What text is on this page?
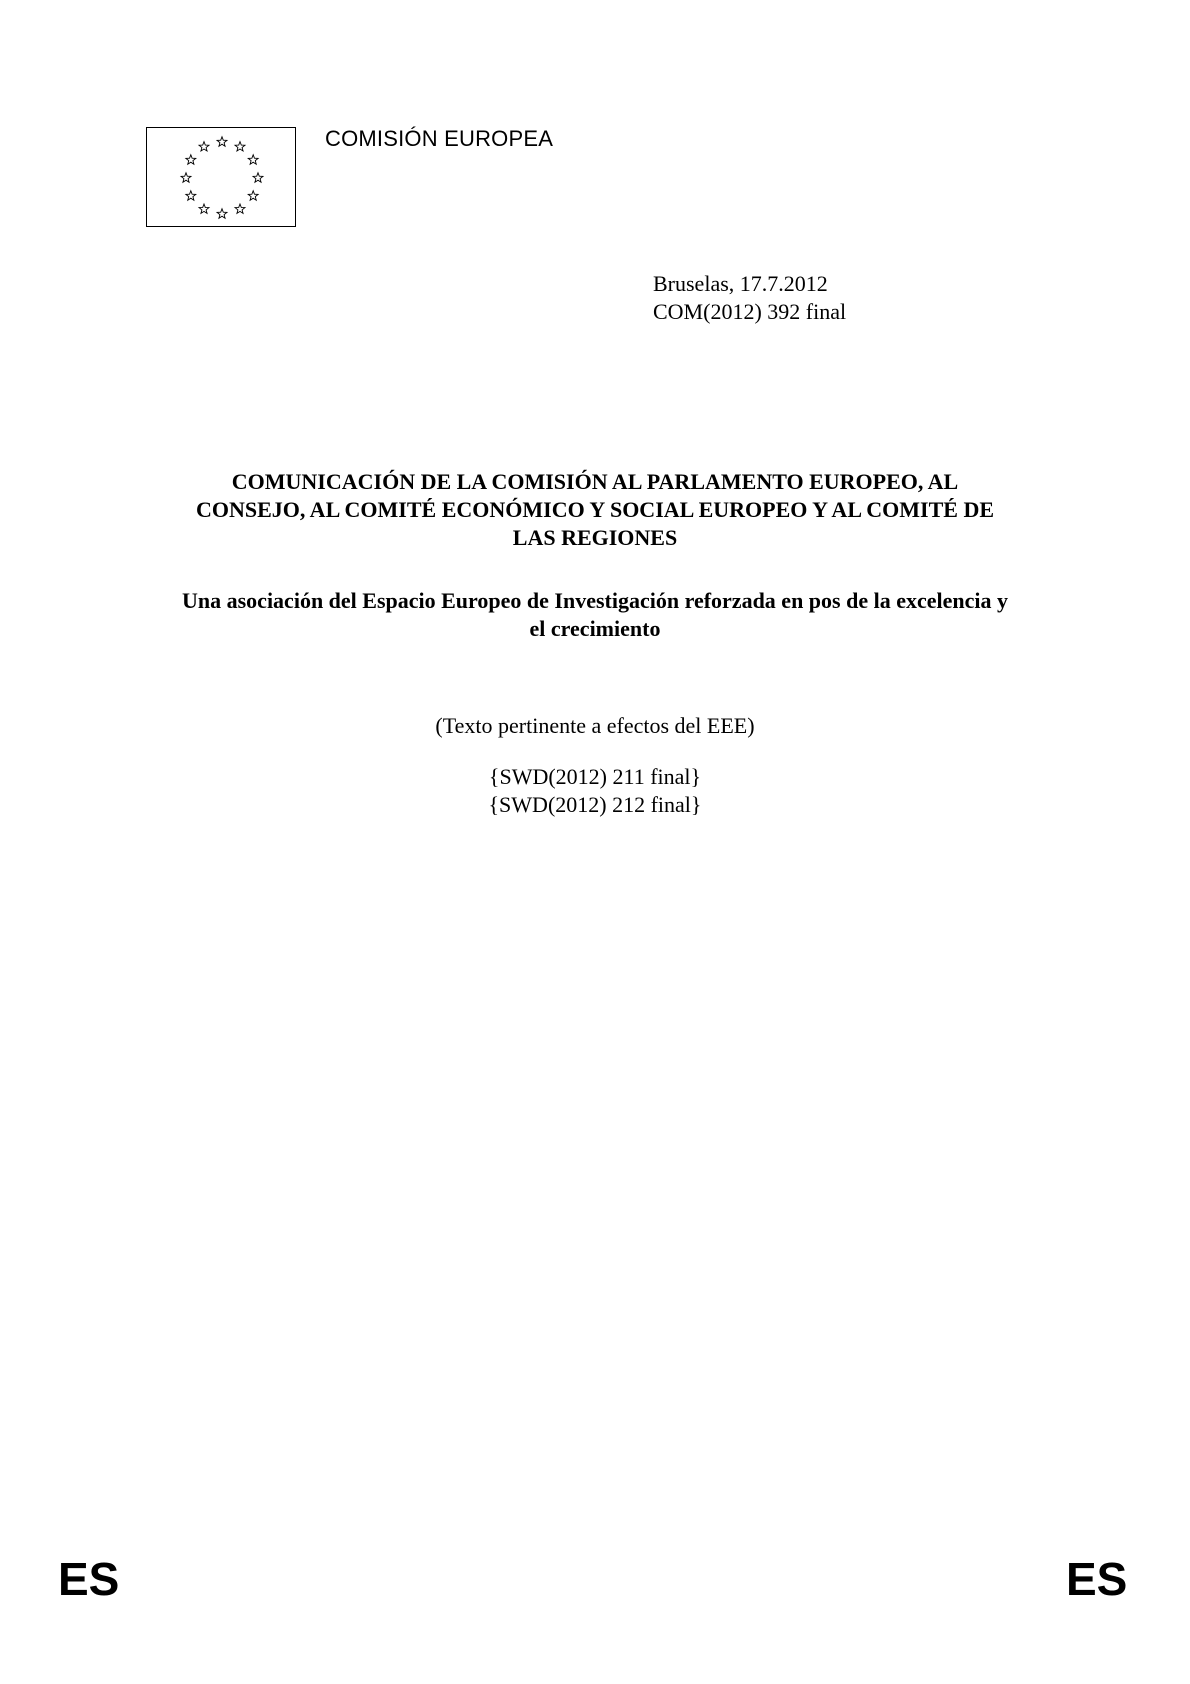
COMISIÓN EUROPEA
Bruselas, 17.7.2012
COM(2012) 392 final
COMUNICACIÓN DE LA COMISIÓN AL PARLAMENTO EUROPEO, AL
CONSEJO, AL COMITÉ ECONÓMICO Y SOCIAL EUROPEO Y AL COMITÉ DE
LAS REGIONES
Una asociación del Espacio Europeo de Investigación reforzada en pos de la excelencia y
el crecimiento
(Texto pertinente a efectos del EEE)
{SWD(2012) 211 final}
{SWD(2012) 212 final}
ES	ES
